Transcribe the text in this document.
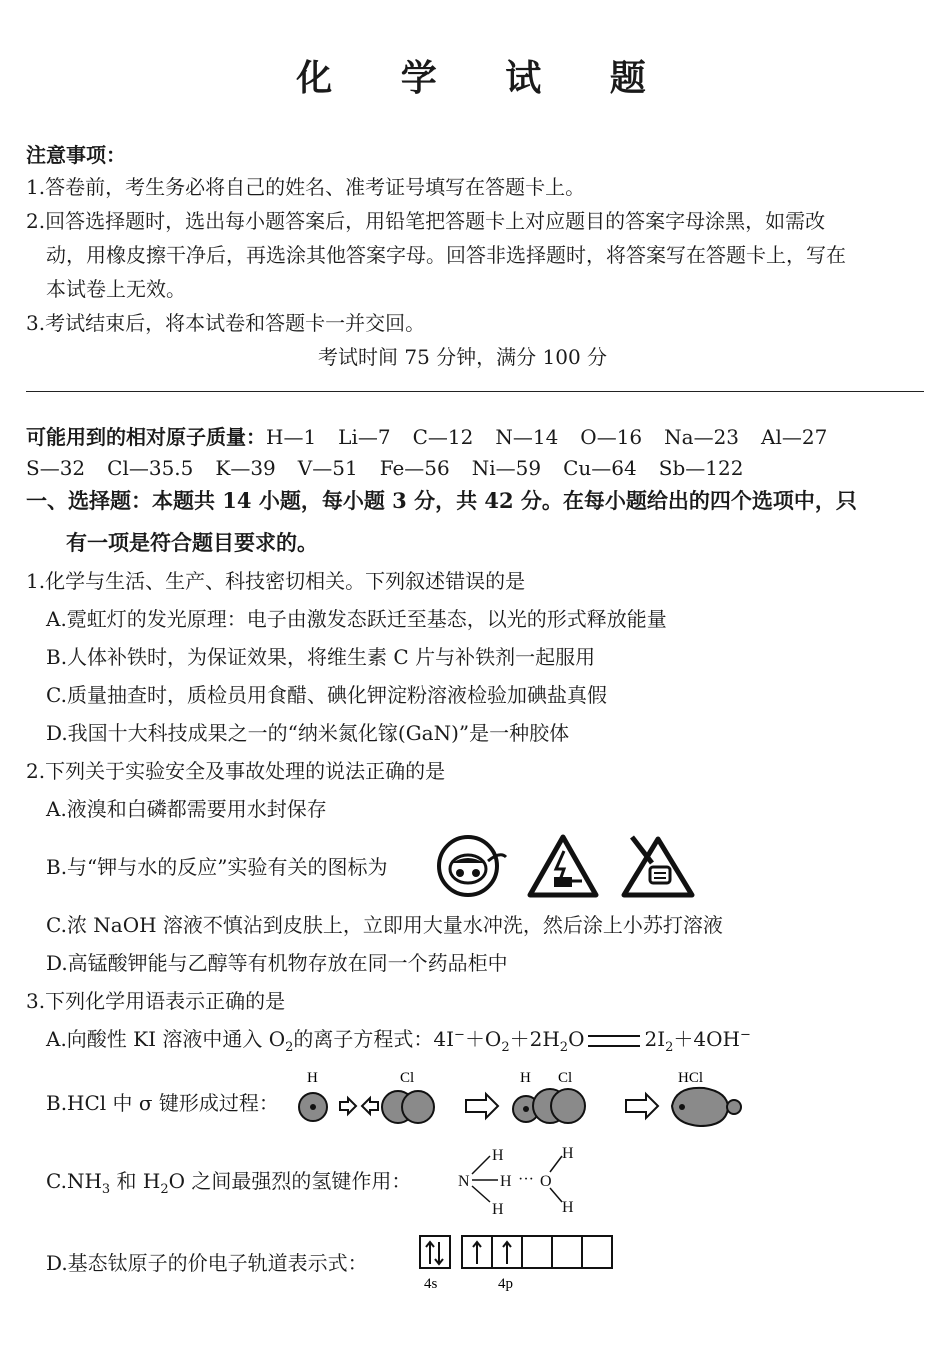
化 学 试 题
注意事项：
1.答卷前，考生务必将自己的姓名、准考证号填写在答题卡上。
2.回答选择题时，选出每小题答案后，用铅笔把答题卡上对应题目的答案字母涂黑，如需改
动，用橡皮擦干净后，再选涂其他答案字母。回答非选择题时，将答案写在答题卡上，写在
本试卷上无效。
3.考试结束后，将本试卷和答题卡一并交回。
考试时间 75 分钟，满分 100 分
可能用到的相对原子质量：H—1 Li—7 C—12 N—14 O—16 Na—23 Al—27
S—32 Cl—35.5 K—39 V—51 Fe—56 Ni—59 Cu—64 Sb—122
一、选择题：本题共 14 小题，每小题 3 分，共 42 分。在每小题给出的四个选项中，只
有一项是符合题目要求的。
1.化学与生活、生产、科技密切相关。下列叙述错误的是
A.霓虹灯的发光原理：电子由激发态跃迁至基态，以光的形式释放能量
B.人体补铁时，为保证效果，将维生素 C 片与补铁剂一起服用
C.质量抽查时，质检员用食醋、碘化钾淀粉溶液检验加碘盐真假
D.我国十大科技成果之一的“纳米氮化镓(GaN)”是一种胶体
2.下列关于实验安全及事故处理的说法正确的是
A.液溴和白磷都需要用水封保存
B.与“钾与水的反应”实验有关的图标为
C.浓 NaOH 溶液不慎沾到皮肤上，立即用大量水冲洗，然后涂上小苏打溶液
D.高锰酸钾能与乙醇等有机物存放在同一个药品柜中
3.下列化学用语表示正确的是
A.向酸性 KI 溶液中通入 $O_2$的离子方程式：$4I^-+O_2+2H_2O$	$2I_2+4OH^-$
B.HCl 中 σ 键形成过程：
H	Cl	H Cl	HCl
$C.NH_3$ 和 $H_2O$ 之间最强烈的氢键作用：	N
H
H
H
··· O
H
H
D.基态钛原子的价电子轨道表示式：
4s	4p
